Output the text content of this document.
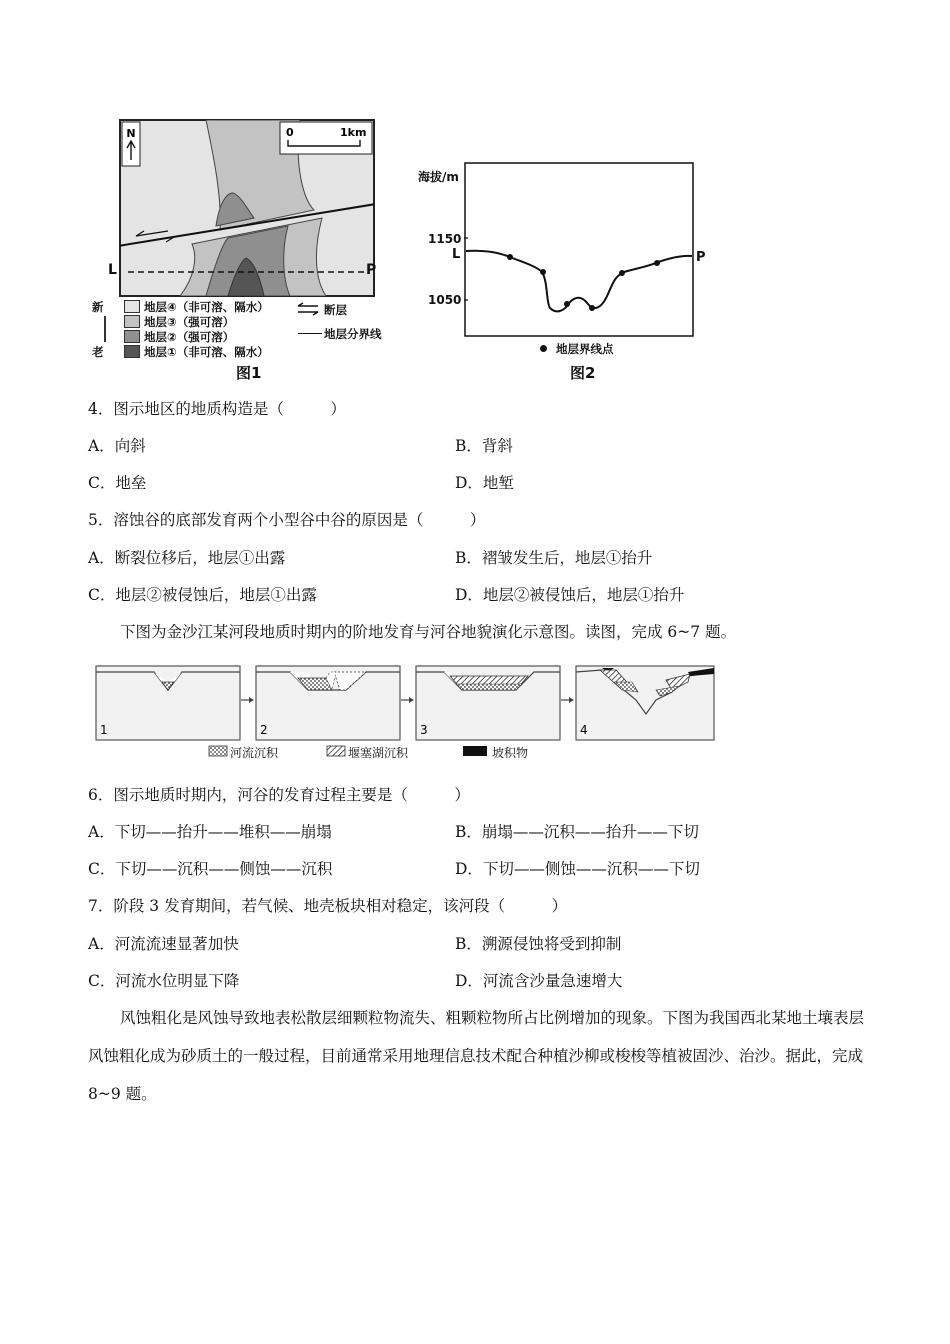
N	0	1km
L	P
新
老
地层④（非可溶、隔水）
地层③（强可溶）
地层②（强可溶）
地层①（非可溶、隔水）
断层
地层分界线
图1
海拔/m
1150
L
1050
P
地层界线点
图2
4．图示地区的地质构造是（　　　）
A．向斜	B．背斜
C．地垒	D．地堑
5．溶蚀谷的底部发育两个小型谷中谷的原因是（　　　）
A．断裂位移后，地层①出露	B．褶皱发生后，地层①抬升
C．地层②被侵蚀后，地层①出露	D．地层②被侵蚀后，地层①抬升
下图为金沙江某河段地质时期内的阶地发育与河谷地貌演化示意图。读图，完成 6~7 题。
1	2	3	4
河流沉积	堰塞湖沉积	坡积物
6．图示地质时期内，河谷的发育过程主要是（　　　）
A．下切——抬升——堆积——崩塌	B．崩塌——沉积——抬升——下切
C．下切——沉积——侧蚀——沉积	D．下切——侧蚀——沉积——下切
7．阶段 3 发育期间，若气候、地壳板块相对稳定，该河段（　　　）
A．河流流速显著加快	B．溯源侵蚀将受到抑制
C．河流水位明显下降	D．河流含沙量急速增大
风蚀粗化是风蚀导致地表松散层细颗粒物流失、粗颗粒物所占比例增加的现象。下图为我国西北某地土壤表层风蚀粗化成为砂质土的一般过程，目前通常采用地理信息技术配合种植沙柳或梭梭等植被固沙、治沙。据此，完成 8~9 题。
